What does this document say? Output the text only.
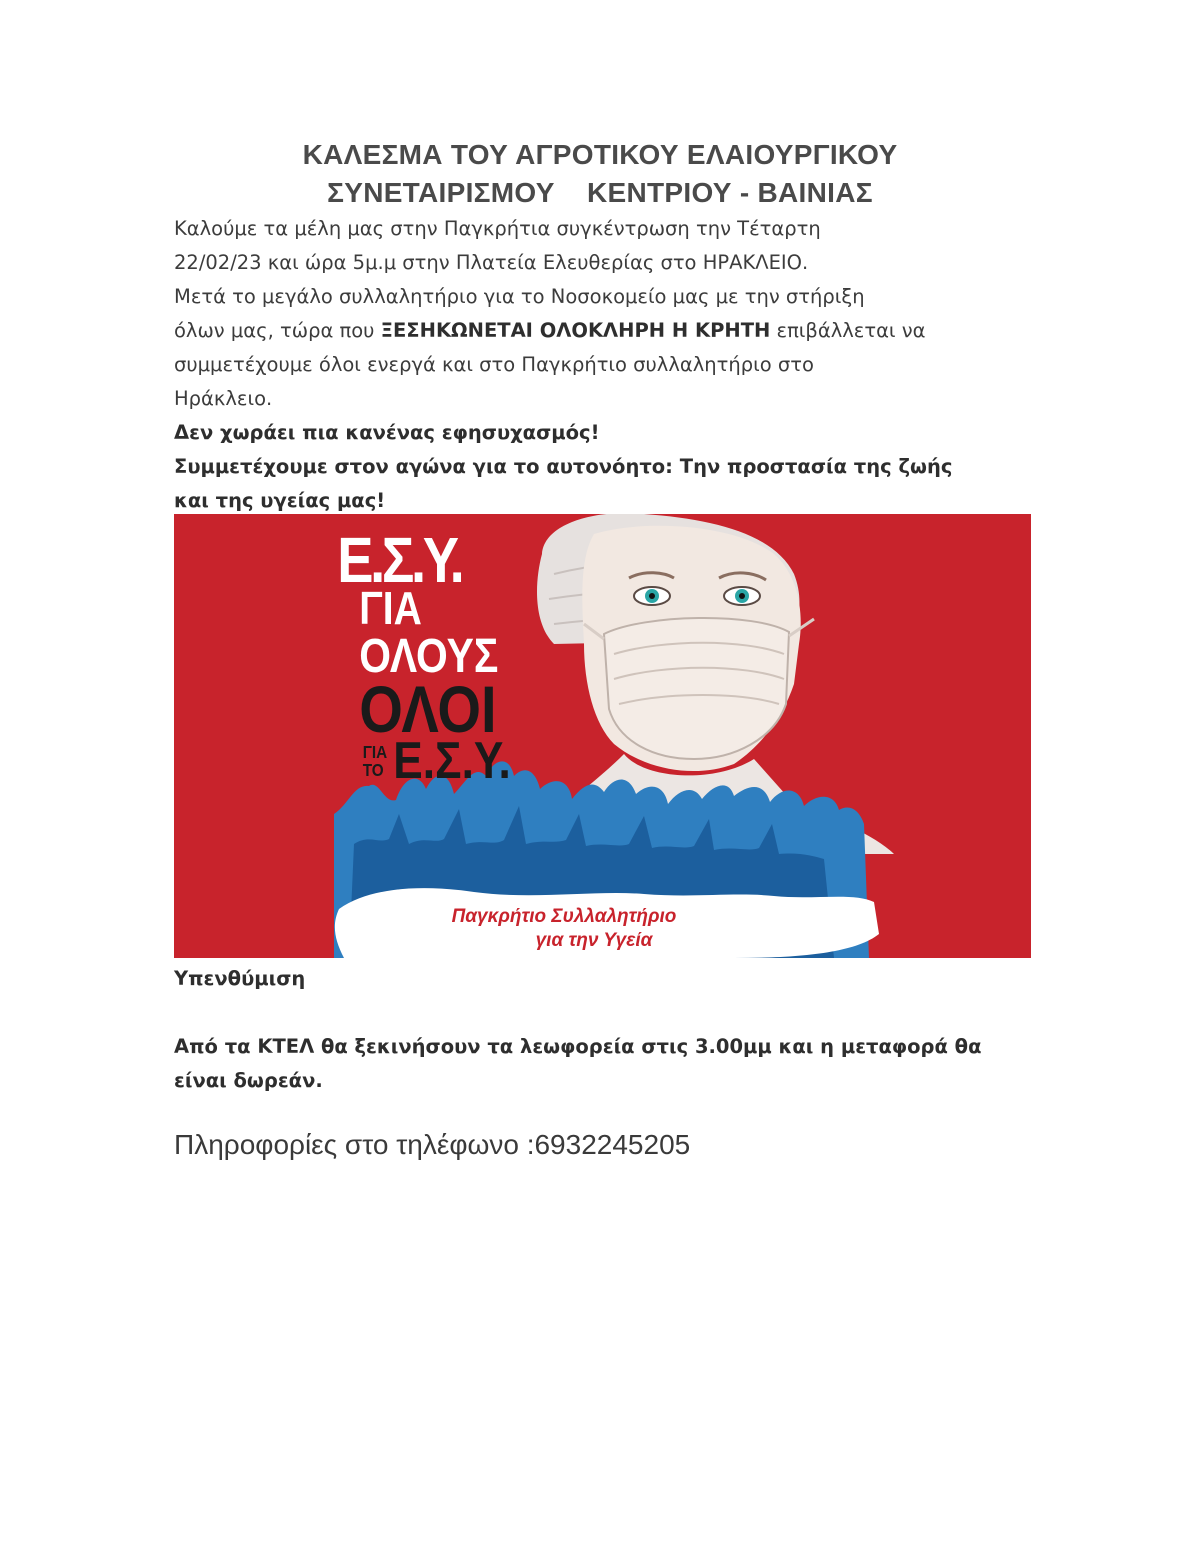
ΚΑΛΕΣΜΑ ΤΟΥ ΑΓΡΟΤΙΚΟΥ ΕΛΑΙΟΥΡΓΙΚΟΥ
ΣΥΝΕΤΑΙΡΙΣΜΟΥ    ΚΕΝΤΡΙΟΥ - ΒΑΙΝΙΑΣ

Καλούμε τα μέλη μας στην Παγκρήτια συγκέντρωση την Τέταρτη

22/02/23 και ώρα 5μ.μ στην Πλατεία Ελευθερίας στο ΗΡΑΚΛΕΙΟ.

Μετά το μεγάλο συλλαλητήριο για το Νοσοκομείο μας με την στήριξη

όλων μας, τώρα που ΞΕΣΗΚΩΝΕΤΑΙ ΟΛΟΚΛΗΡΗ Η ΚΡΗΤΗ επιβάλλεται να

συμμετέχουμε όλοι ενεργά και στο Παγκρήτιο συλλαλητήριο στο

Ηράκλειο.

Δεν χωράει πια κανένας εφησυχασμός!

Συμμετέχουμε στον αγώνα για το αυτονόητο: Την προστασία της ζωής

και της υγείας μας!

Παγκρήτιο Συλλαλητήριο
για την Υγεία
Ε.Σ.Υ.
ΓΙΑ
ΟΛΟΥΣ
ΟΛΟΙ
ΓΙΑ
ΤΟ Ε.Σ.Υ.
Υπενθύμιση
Από τα ΚΤΕΛ θα ξεκινήσουν τα λεωφορεία στις 3.00μμ και η μεταφορά θα
είναι δωρεάν.
Πληροφορίες στο τηλέφωνο :6932245205
